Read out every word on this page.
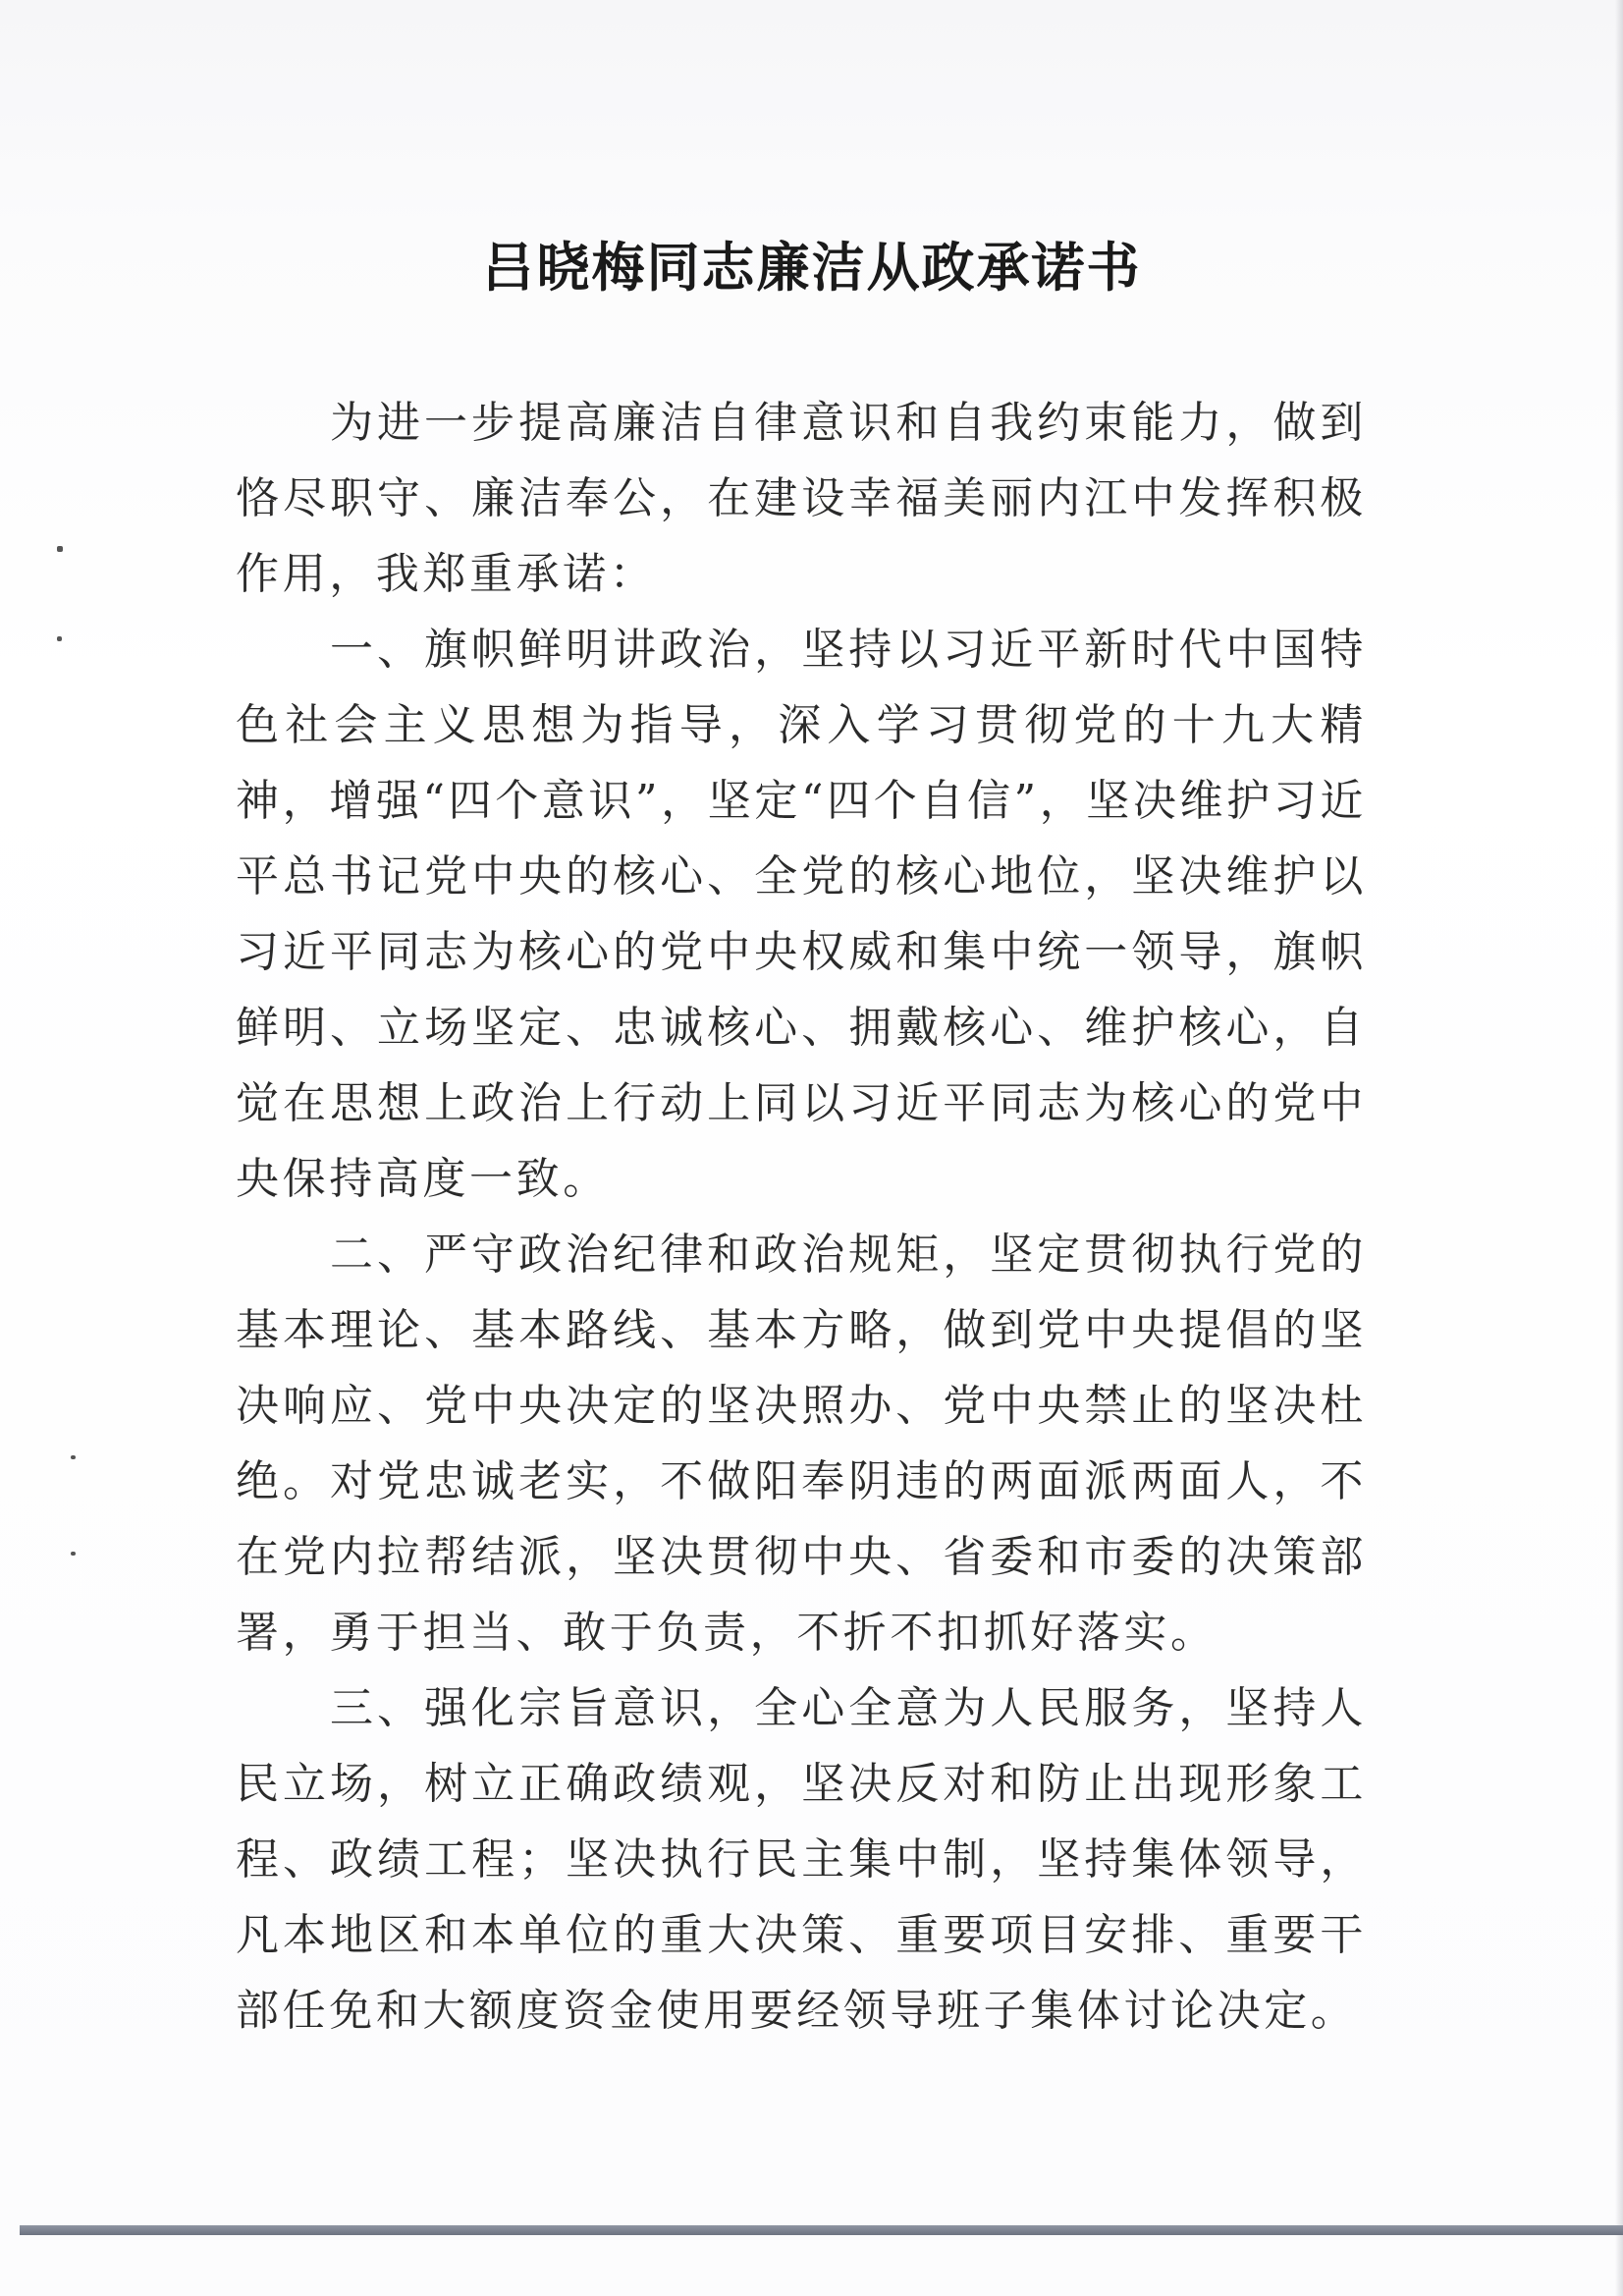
吕晓梅同志廉洁从政承诺书

为进一步提高廉洁自律意识和自我约束能力，做到恪尽职守、廉洁奉公，在建设幸福美丽内江中发挥积极作用，我郑重承诺：

一、旗帜鲜明讲政治，坚持以习近平新时代中国特色社会主义思想为指导，深入学习贯彻党的十九大精神，增强“四个意识”，坚定“四个自信”，坚决维护习近平总书记党中央的核心、全党的核心地位，坚决维护以习近平同志为核心的党中央权威和集中统一领导，旗帜鲜明、立场坚定、忠诚核心、拥戴核心、维护核心，自觉在思想上政治上行动上同以习近平同志为核心的党中央保持高度一致。

二、严守政治纪律和政治规矩，坚定贯彻执行党的基本理论、基本路线、基本方略，做到党中央提倡的坚决响应、党中央决定的坚决照办、党中央禁止的坚决杜绝。对党忠诚老实，不做阳奉阴违的两面派两面人，不在党内拉帮结派，坚决贯彻中央、省委和市委的决策部署，勇于担当、敢于负责，不折不扣抓好落实。

三、强化宗旨意识，全心全意为人民服务，坚持人民立场，树立正确政绩观，坚决反对和防止出现形象工程、政绩工程；坚决执行民主集中制，坚持集体领导，凡本地区和本单位的重大决策、重要项目安排、重要干部任免和大额度资金使用要经领导班子集体讨论决定。
